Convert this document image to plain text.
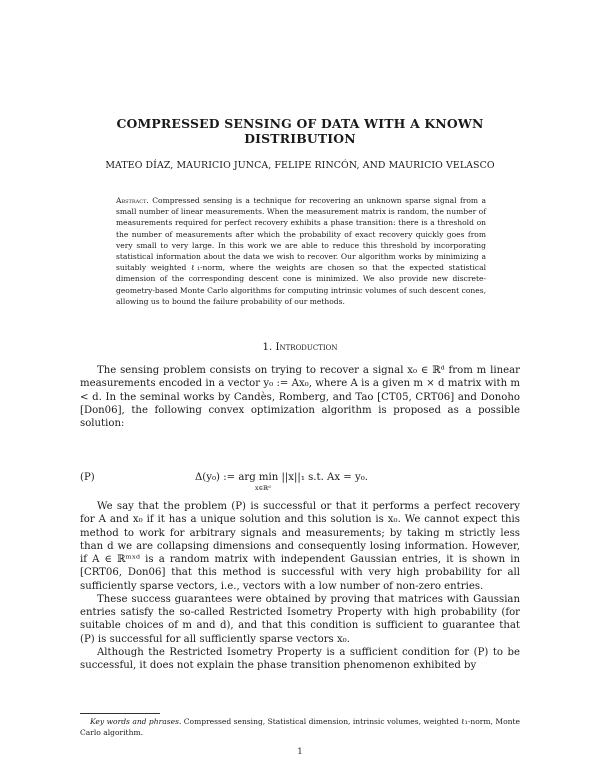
COMPRESSED SENSING OF DATA WITH A KNOWN
DISTRIBUTION
MATEO DÍAZ, MAURICIO JUNCA, FELIPE RINCÓN, AND MAURICIO VELASCO
Abstract. Compressed sensing is a technique for recovering an unknown sparse signal from a small number of linear measurements. When the measurement matrix is random, the number of measurements required for perfect recovery exhibits a phase transition: there is a threshold on the number of measurements after which the probability of exact recovery quickly goes from very small to very large. In this work we are able to reduce this threshold by incorporating statistical information about the data we wish to recover. Our algorithm works by minimizing a suitably weighted ℓ₁-norm, where the weights are chosen so that the expected statistical dimension of the corresponding descent cone is minimized. We also provide new discrete-geometry-based Monte Carlo algorithms for computing intrinsic volumes of such descent cones, allowing us to bound the failure probability of our methods.
1. Introduction

The sensing problem consists on trying to recover a signal x₀ ∈ ℝᵈ from m linear measurements encoded in a vector y₀ := Ax₀, where A is a given m × d matrix with m < d. In the seminal works by Candès, Romberg, and Tao [CT05, CRT06] and Donoho [Don06], the following convex optimization algorithm is proposed as a possible solution:

(P)	Δ(y₀) := arg min ||x||₁ s.t. Ax = y₀.
x∈ℝᵈ

We say that the problem (P) is successful or that it performs a perfect recovery for A and x₀ if it has a unique solution and this solution is x₀. We cannot expect this method to work for arbitrary signals and measurements; by taking m strictly less than d we are collapsing dimensions and consequently losing information. However, if A ∈ ℝᵐˣᵈ is a random matrix with independent Gaussian entries, it is shown in [CRT06, Don06] that this method is successful with very high probability for all sufficiently sparse vectors, i.e., vectors with a low number of non-zero entries.

These success guarantees were obtained by proving that matrices with Gaussian entries satisfy the so-called Restricted Isometry Property with high probability (for suitable choices of m and d), and that this condition is sufficient to guarantee that (P) is successful for all sufficiently sparse vectors x₀.

Although the Restricted Isometry Property is a sufficient condition for (P) to be successful, it does not explain the phase transition phenomenon exhibited by

Key words and phrases. Compressed sensing, Statistical dimension, intrinsic volumes, weighted ℓ₁-norm, Monte Carlo algorithm.
1
